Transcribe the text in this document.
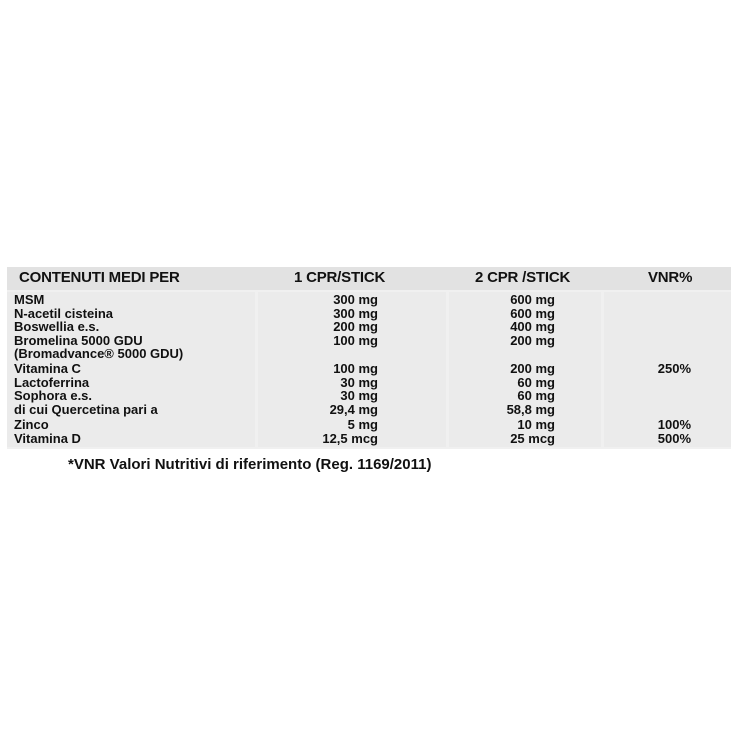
CONTENUTI MEDI PER	1 CPR/STICK	2 CPR /STICK	VNR%
MSM	300 mg	600 mg
N-acetil cisteina	300 mg	600 mg
Boswellia e.s.	200 mg	400 mg
Bromelina 5000 GDU	100 mg	200 mg
(Bromadvance® 5000 GDU)
Vitamina C	100 mg	200 mg	250%
Lactoferrina	30 mg	60 mg
Sophora e.s.	30 mg	60 mg
di cui Quercetina pari a	29,4 mg	58,8 mg
Zinco	5 mg	10 mg	100%
Vitamina D	12,5 mcg	25 mcg	500%
*VNR Valori Nutritivi di riferimento (Reg. 1169/2011)
